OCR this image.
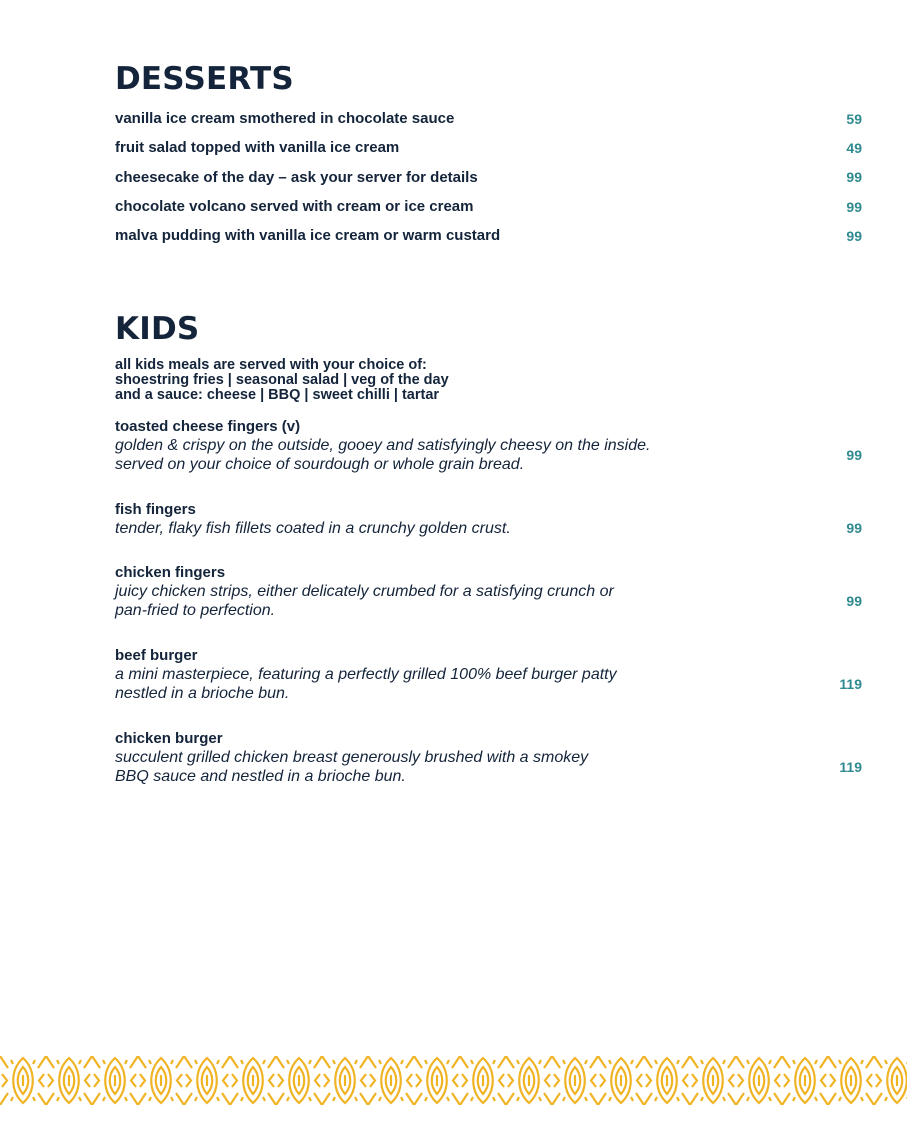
DESSERTS
vanilla ice cream smothered in chocolate sauce	59
fruit salad topped with vanilla ice cream	49
cheesecake of the day – ask your server for details	99
chocolate volcano served with cream or ice cream	99
malva pudding with vanilla ice cream or warm custard	99
KIDS
all kids meals are served with your choice of:
shoestring fries | seasonal salad | veg of the day
and a sauce: cheese | BBQ | sweet chilli | tartar
toasted cheese fingers (v)
golden & crispy on the outside, gooey and satisfyingly cheesy on the inside.
served on your choice of sourdough or whole grain bread.
99
fish fingers
tender, flaky fish fillets coated in a crunchy golden crust.	99
chicken fingers
juicy chicken strips, either delicately crumbed for a satisfying crunch or
pan-fried to perfection.
99
beef burger
a mini masterpiece, featuring a perfectly grilled 100% beef burger patty
nestled in a brioche bun.
119
chicken burger
succulent grilled chicken breast generously brushed with a smokey
BBQ sauce and nestled in a brioche bun.
119
